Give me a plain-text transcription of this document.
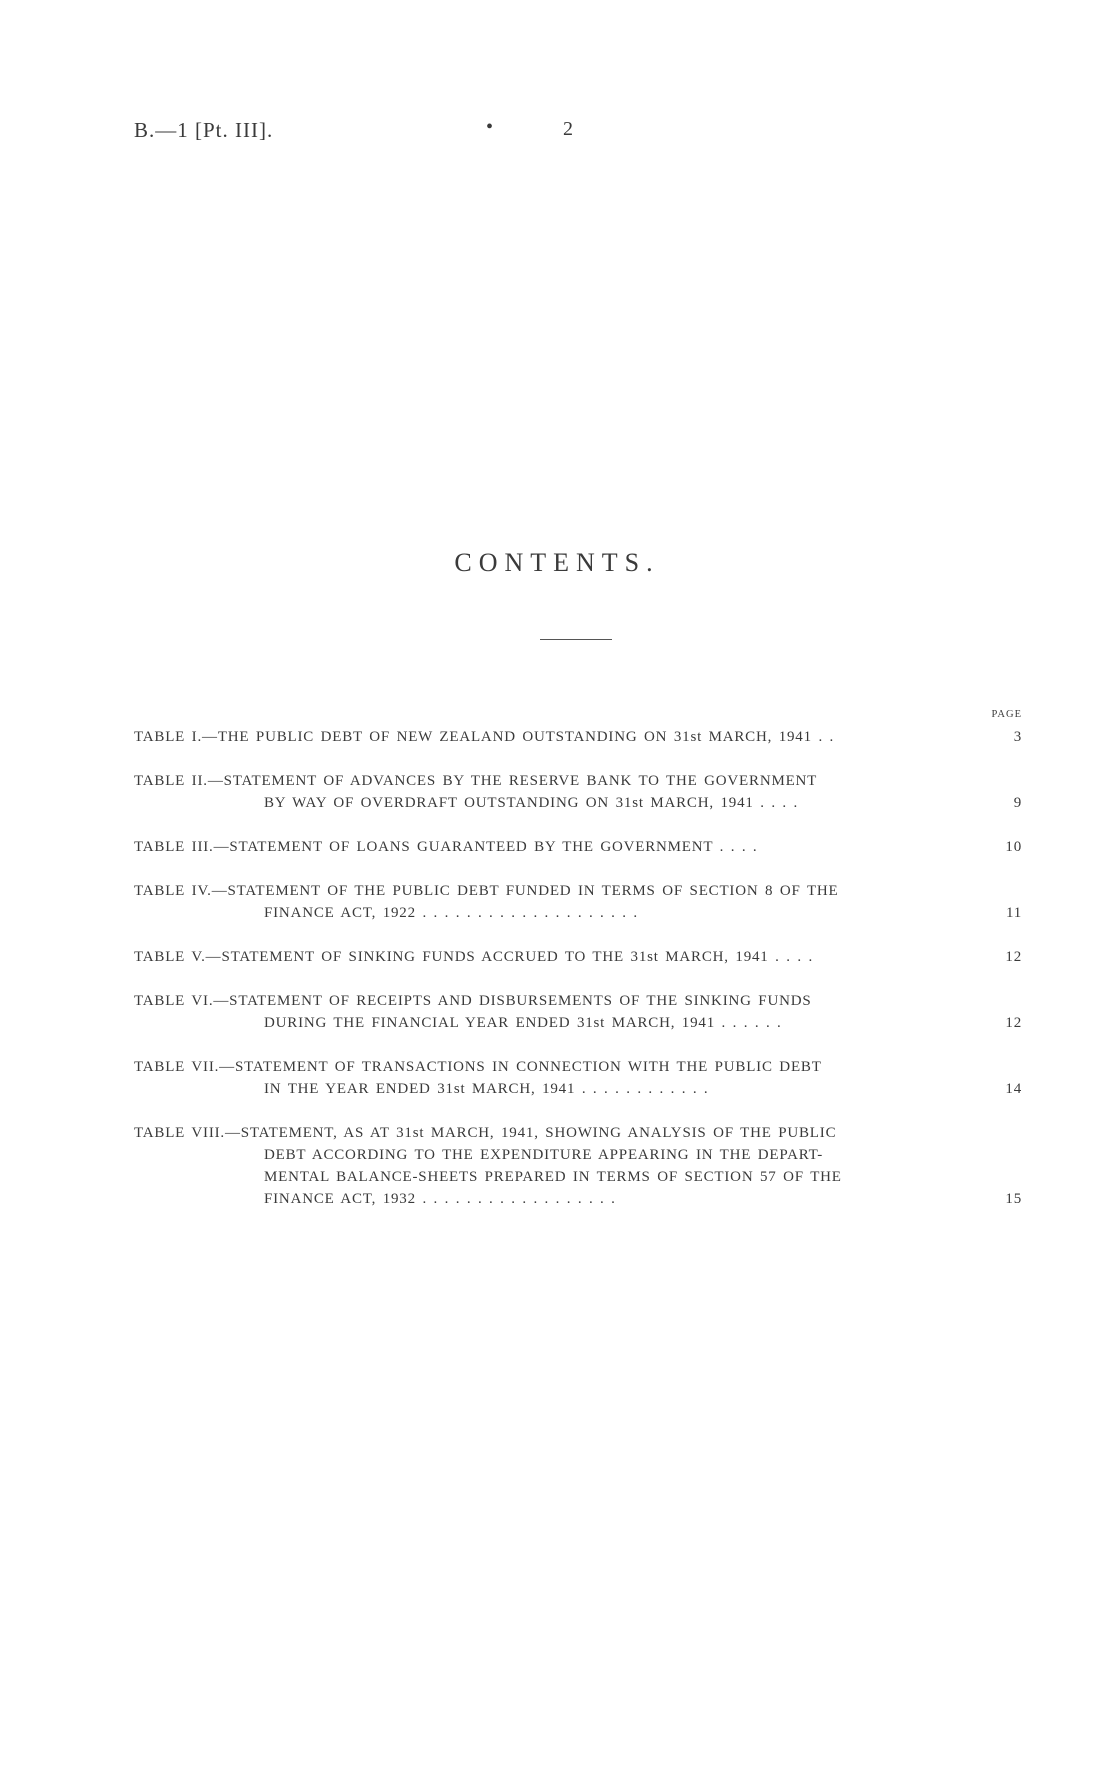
B.—1 [Pt. III].	•	2
CONTENTS.
PAGE
TABLE I.—THE PUBLIC DEBT OF NEW ZEALAND OUTSTANDING ON 31st MARCH, 1941 . .	3
TABLE II.—STATEMENT OF ADVANCES BY THE RESERVE BANK TO THE GOVERNMENT
BY WAY OF OVERDRAFT OUTSTANDING ON 31st MARCH, 1941 . . . .	9
TABLE III.—STATEMENT OF LOANS GUARANTEED BY THE GOVERNMENT . . . .	10
TABLE IV.—STATEMENT OF THE PUBLIC DEBT FUNDED IN TERMS OF SECTION 8 OF THE
FINANCE ACT, 1922 . . . . . . . . . . . . . . . . . . . .	11
TABLE V.—STATEMENT OF SINKING FUNDS ACCRUED TO THE 31st MARCH, 1941 . . . .	12
TABLE VI.—STATEMENT OF RECEIPTS AND DISBURSEMENTS OF THE SINKING FUNDS
DURING THE FINANCIAL YEAR ENDED 31st MARCH, 1941 . . . . . .	12
TABLE VII.—STATEMENT OF TRANSACTIONS IN CONNECTION WITH THE PUBLIC DEBT
IN THE YEAR ENDED 31st MARCH, 1941 . . . . . . . . . . . .	14
TABLE VIII.—STATEMENT, AS AT 31st MARCH, 1941, SHOWING ANALYSIS OF THE PUBLIC
DEBT ACCORDING TO THE EXPENDITURE APPEARING IN THE DEPART-
MENTAL BALANCE-SHEETS PREPARED IN TERMS OF SECTION 57 OF THE
FINANCE ACT, 1932 . . . . . . . . . . . . . . . . . .	15
